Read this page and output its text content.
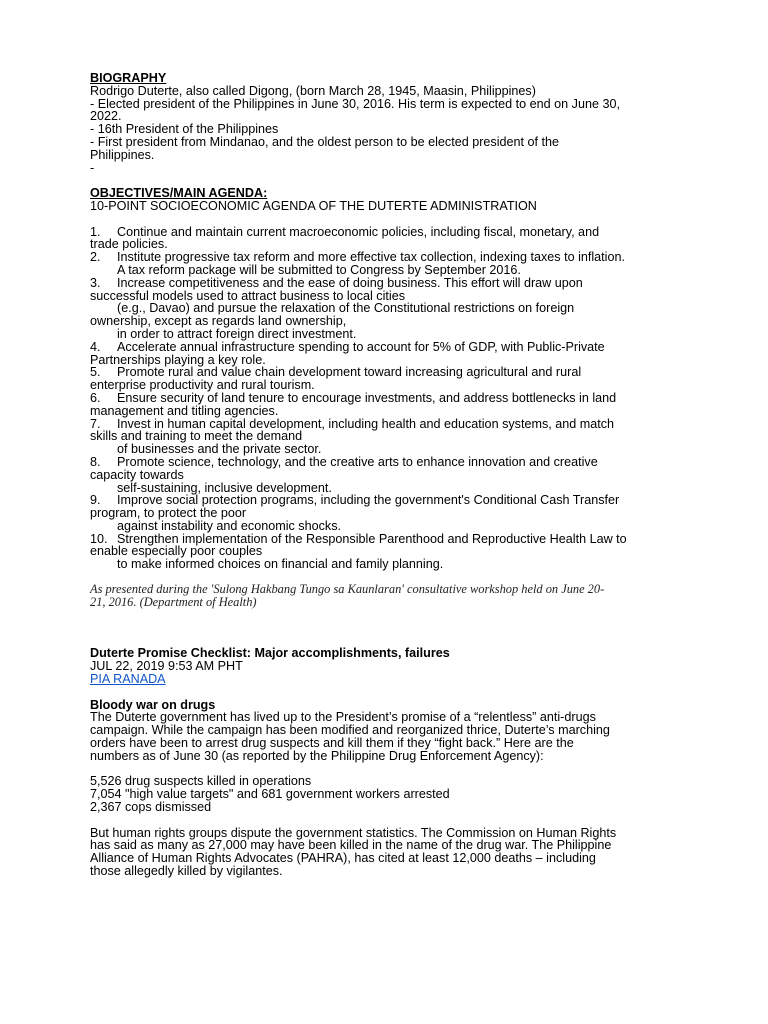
BIOGRAPHY
Rodrigo Duterte, also called Digong, (born March 28, 1945, Maasin, Philippines)
- Elected president of the Philippines in June 30, 2016. His term is expected to end on June 30,
2022.
- 16th President of the Philippines
- First president from Mindanao, and the oldest person to be elected president of the
Philippines.
-
OBJECTIVES/MAIN AGENDA:
10-POINT SOCIOECONOMIC AGENDA OF THE DUTERTE ADMINISTRATION
1. Continue and maintain current macroeconomic policies, including fiscal, monetary, and
trade policies.
2. Institute progressive tax reform and more effective tax collection, indexing taxes to inflation.
A tax reform package will be submitted to Congress by September 2016.
3. Increase competitiveness and the ease of doing business. This effort will draw upon
successful models used to attract business to local cities
(e.g., Davao) and pursue the relaxation of the Constitutional restrictions on foreign
ownership, except as regards land ownership,
in order to attract foreign direct investment.
4. Accelerate annual infrastructure spending to account for 5% of GDP, with Public-Private
Partnerships playing a key role.
5. Promote rural and value chain development toward increasing agricultural and rural
enterprise productivity and rural tourism.
6. Ensure security of land tenure to encourage investments, and address bottlenecks in land
management and titling agencies.
7. Invest in human capital development, including health and education systems, and match
skills and training to meet the demand
of businesses and the private sector.
8. Promote science, technology, and the creative arts to enhance innovation and creative
capacity towards
self-sustaining, inclusive development.
9. Improve social protection programs, including the government's Conditional Cash Transfer
program, to protect the poor
against instability and economic shocks.
10. Strengthen implementation of the Responsible Parenthood and Reproductive Health Law to
enable especially poor couples
to make informed choices on financial and family planning.
As presented during the 'Sulong Hakbang Tungo sa Kaunlaran' consultative workshop held on June 20-
21, 2016. (Department of Health)
Duterte Promise Checklist: Major accomplishments, failures
JUL 22, 2019 9:53 AM PHT
PIA RANADA
Bloody war on drugs
The Duterte government has lived up to the President’s promise of a “relentless” anti-drugs
campaign. While the campaign has been modified and reorganized thrice, Duterte’s marching
orders have been to arrest drug suspects and kill them if they “fight back.” Here are the
numbers as of June 30 (as reported by the Philippine Drug Enforcement Agency):
5,526 drug suspects killed in operations
7,054 "high value targets" and 681 government workers arrested
2,367 cops dismissed
But human rights groups dispute the government statistics. The Commission on Human Rights
has said as many as 27,000 may have been killed in the name of the drug war. The Philippine
Alliance of Human Rights Advocates (PAHRA), has cited at least 12,000 deaths – including
those allegedly killed by vigilantes.
